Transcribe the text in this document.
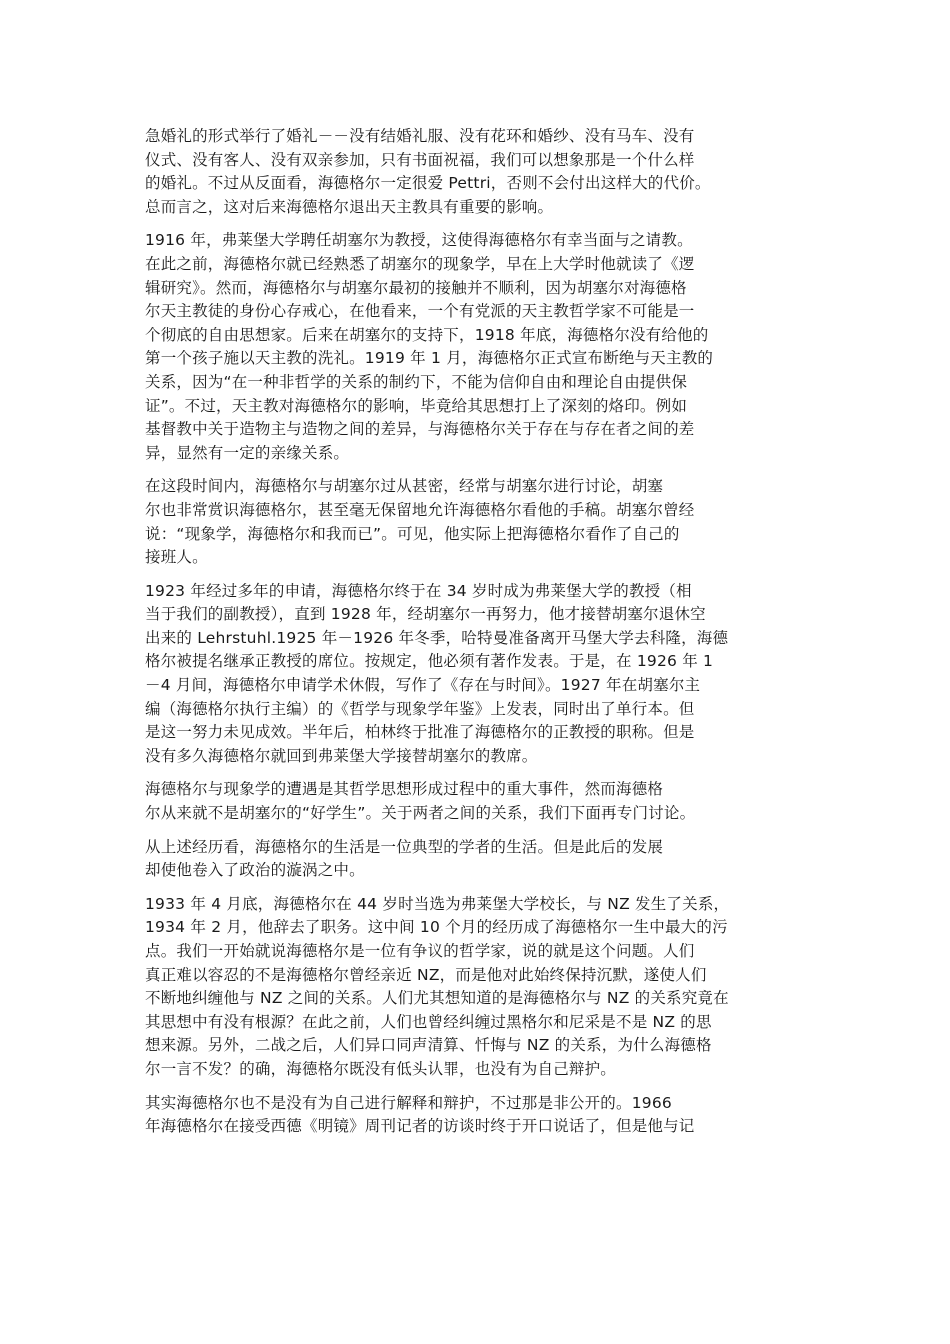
急婚礼的形式举行了婚礼－－没有结婚礼服、没有花环和婚纱、没有马车、没有
仪式、没有客人、没有双亲参加，只有书面祝福，我们可以想象那是一个什么样
的婚礼。不过从反面看，海德格尔一定很爱 Pettri，否则不会付出这样大的代价。
总而言之，这对后来海德格尔退出天主教具有重要的影响。

1916 年，弗莱堡大学聘任胡塞尔为教授，这使得海德格尔有幸当面与之请教。
在此之前，海德格尔就已经熟悉了胡塞尔的现象学，早在上大学时他就读了《逻
辑研究》。然而，海德格尔与胡塞尔最初的接触并不顺利，因为胡塞尔对海德格
尔天主教徒的身份心存戒心，在他看来，一个有党派的天主教哲学家不可能是一
个彻底的自由思想家。后来在胡塞尔的支持下，1918 年底，海德格尔没有给他的
第一个孩子施以天主教的洗礼。1919 年 1 月，海德格尔正式宣布断绝与天主教的
关系，因为“在一种非哲学的关系的制约下，不能为信仰自由和理论自由提供保
证”。不过，天主教对海德格尔的影响，毕竟给其思想打上了深刻的烙印。例如
基督教中关于造物主与造物之间的差异，与海德格尔关于存在与存在者之间的差
异，显然有一定的亲缘关系。

在这段时间内，海德格尔与胡塞尔过从甚密，经常与胡塞尔进行讨论，胡塞
尔也非常赏识海德格尔，甚至毫无保留地允许海德格尔看他的手稿。胡塞尔曾经
说：“现象学，海德格尔和我而已”。可见，他实际上把海德格尔看作了自己的
接班人。

1923 年经过多年的申请，海德格尔终于在 34 岁时成为弗莱堡大学的教授（相
当于我们的副教授），直到 1928 年，经胡塞尔一再努力，他才接替胡塞尔退休空
出来的 Lehrstuhl.1925 年－1926 年冬季，哈特曼准备离开马堡大学去科隆，海德
格尔被提名继承正教授的席位。按规定，他必须有著作发表。于是，在 1926 年 1
－4 月间，海德格尔申请学术休假，写作了《存在与时间》。1927 年在胡塞尔主
编（海德格尔执行主编）的《哲学与现象学年鉴》上发表，同时出了单行本。但
是这一努力未见成效。半年后，柏林终于批准了海德格尔的正教授的职称。但是
没有多久海德格尔就回到弗莱堡大学接替胡塞尔的教席。

海德格尔与现象学的遭遇是其哲学思想形成过程中的重大事件，然而海德格
尔从来就不是胡塞尔的“好学生”。关于两者之间的关系，我们下面再专门讨论。

从上述经历看，海德格尔的生活是一位典型的学者的生活。但是此后的发展
却使他卷入了政治的漩涡之中。

1933 年 4 月底，海德格尔在 44 岁时当选为弗莱堡大学校长，与 NZ 发生了关系，
1934 年 2 月，他辞去了职务。这中间 10 个月的经历成了海德格尔一生中最大的污
点。我们一开始就说海德格尔是一位有争议的哲学家，说的就是这个问题。人们
真正难以容忍的不是海德格尔曾经亲近 NZ，而是他对此始终保持沉默，遂使人们
不断地纠缠他与 NZ 之间的关系。人们尤其想知道的是海德格尔与 NZ 的关系究竟在
其思想中有没有根源？在此之前，人们也曾经纠缠过黑格尔和尼采是不是 NZ 的思
想来源。另外，二战之后，人们异口同声清算、忏悔与 NZ 的关系，为什么海德格
尔一言不发？的确，海德格尔既没有低头认罪，也没有为自己辩护。

其实海德格尔也不是没有为自己进行解释和辩护，不过那是非公开的。1966
年海德格尔在接受西德《明镜》周刊记者的访谈时终于开口说话了，但是他与记
